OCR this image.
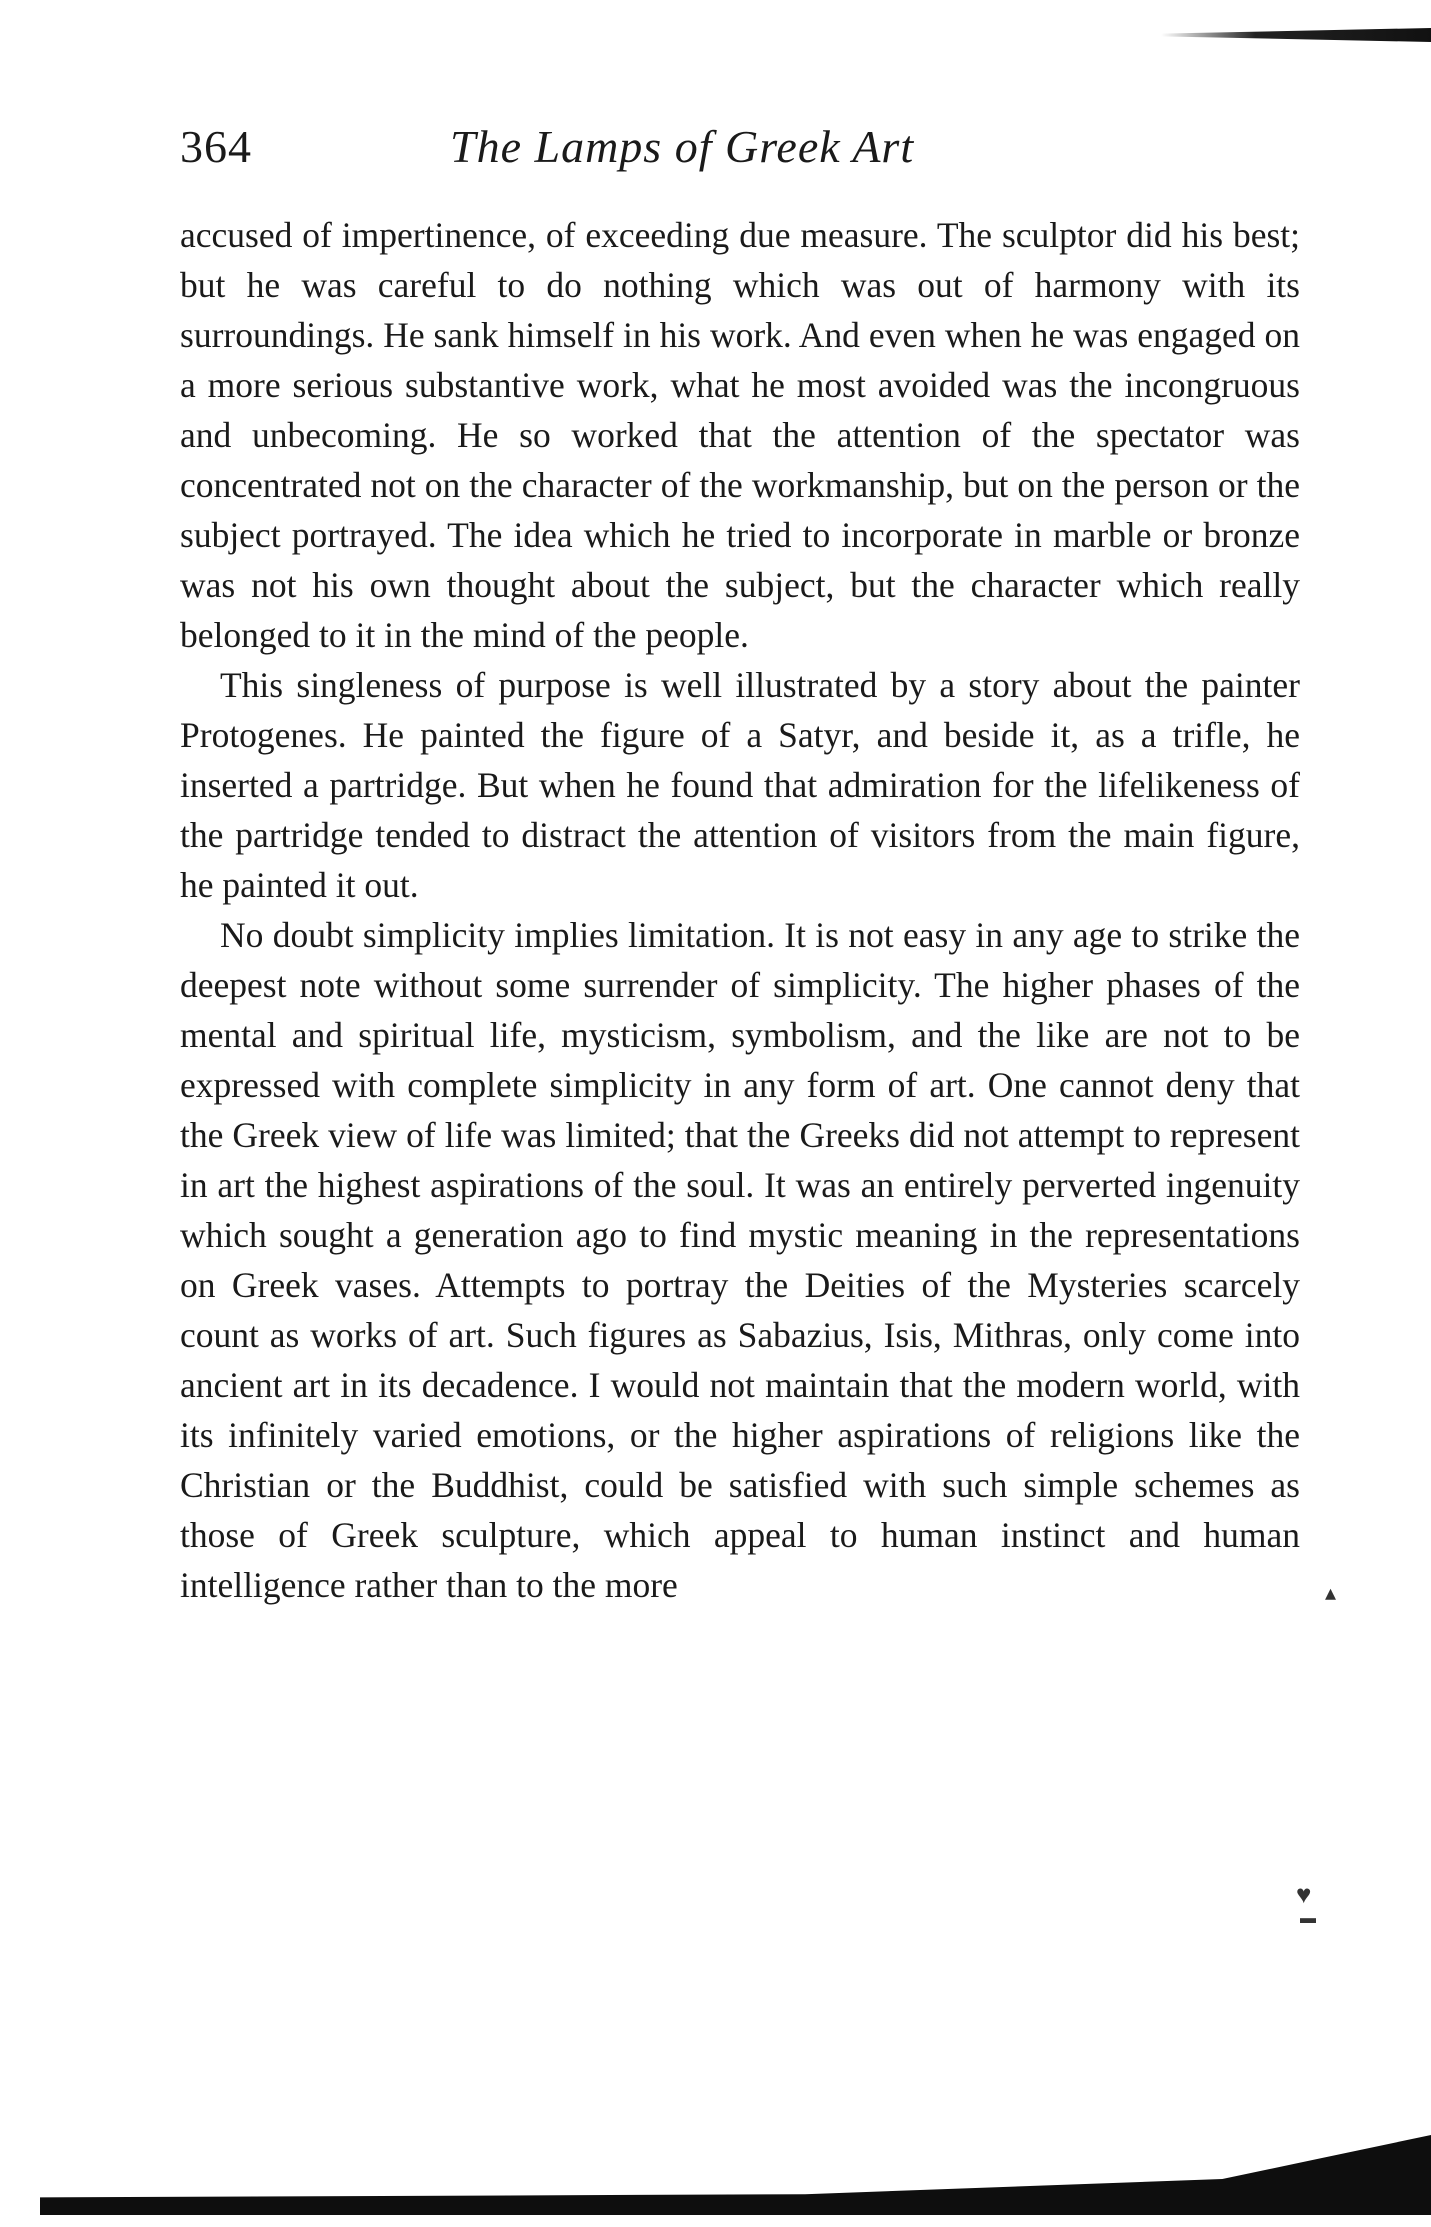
364	The Lamps of Greek Art

accused of impertinence, of exceeding due measure. The sculptor did his best; but he was careful to do nothing which was out of harmony with its surroundings. He sank himself in his work. And even when he was engaged on a more serious substantive work, what he most avoided was the incongruous and unbecoming. He so worked that the attention of the spectator was concentrated not on the character of the workmanship, but on the person or the subject portrayed. The idea which he tried to incorporate in marble or bronze was not his own thought about the subject, but the character which really belonged to it in the mind of the people.

This singleness of purpose is well illustrated by a story about the painter Protogenes. He painted the figure of a Satyr, and beside it, as a trifle, he inserted a partridge. But when he found that admiration for the lifelikeness of the partridge tended to distract the attention of visitors from the main figure, he painted it out.

No doubt simplicity implies limitation. It is not easy in any age to strike the deepest note without some surrender of simplicity. The higher phases of the mental and spiritual life, mysticism, symbolism, and the like are not to be expressed with complete simplicity in any form of art. One cannot deny that the Greek view of life was limited; that the Greeks did not attempt to represent in art the highest aspirations of the soul. It was an entirely perverted ingenuity which sought a generation ago to find mystic meaning in the representations on Greek vases. Attempts to portray the Deities of the Mysteries scarcely count as works of art. Such figures as Sabazius, Isis, Mithras, only come into ancient art in its decadence. I would not maintain that the modern world, with its infinitely varied emotions, or the higher aspirations of religions like the Christian or the Buddhist, could be satisfied with such simple schemes as those of Greek sculpture, which appeal to human instinct and human intelligence rather than to the more	▴
♥
▬
